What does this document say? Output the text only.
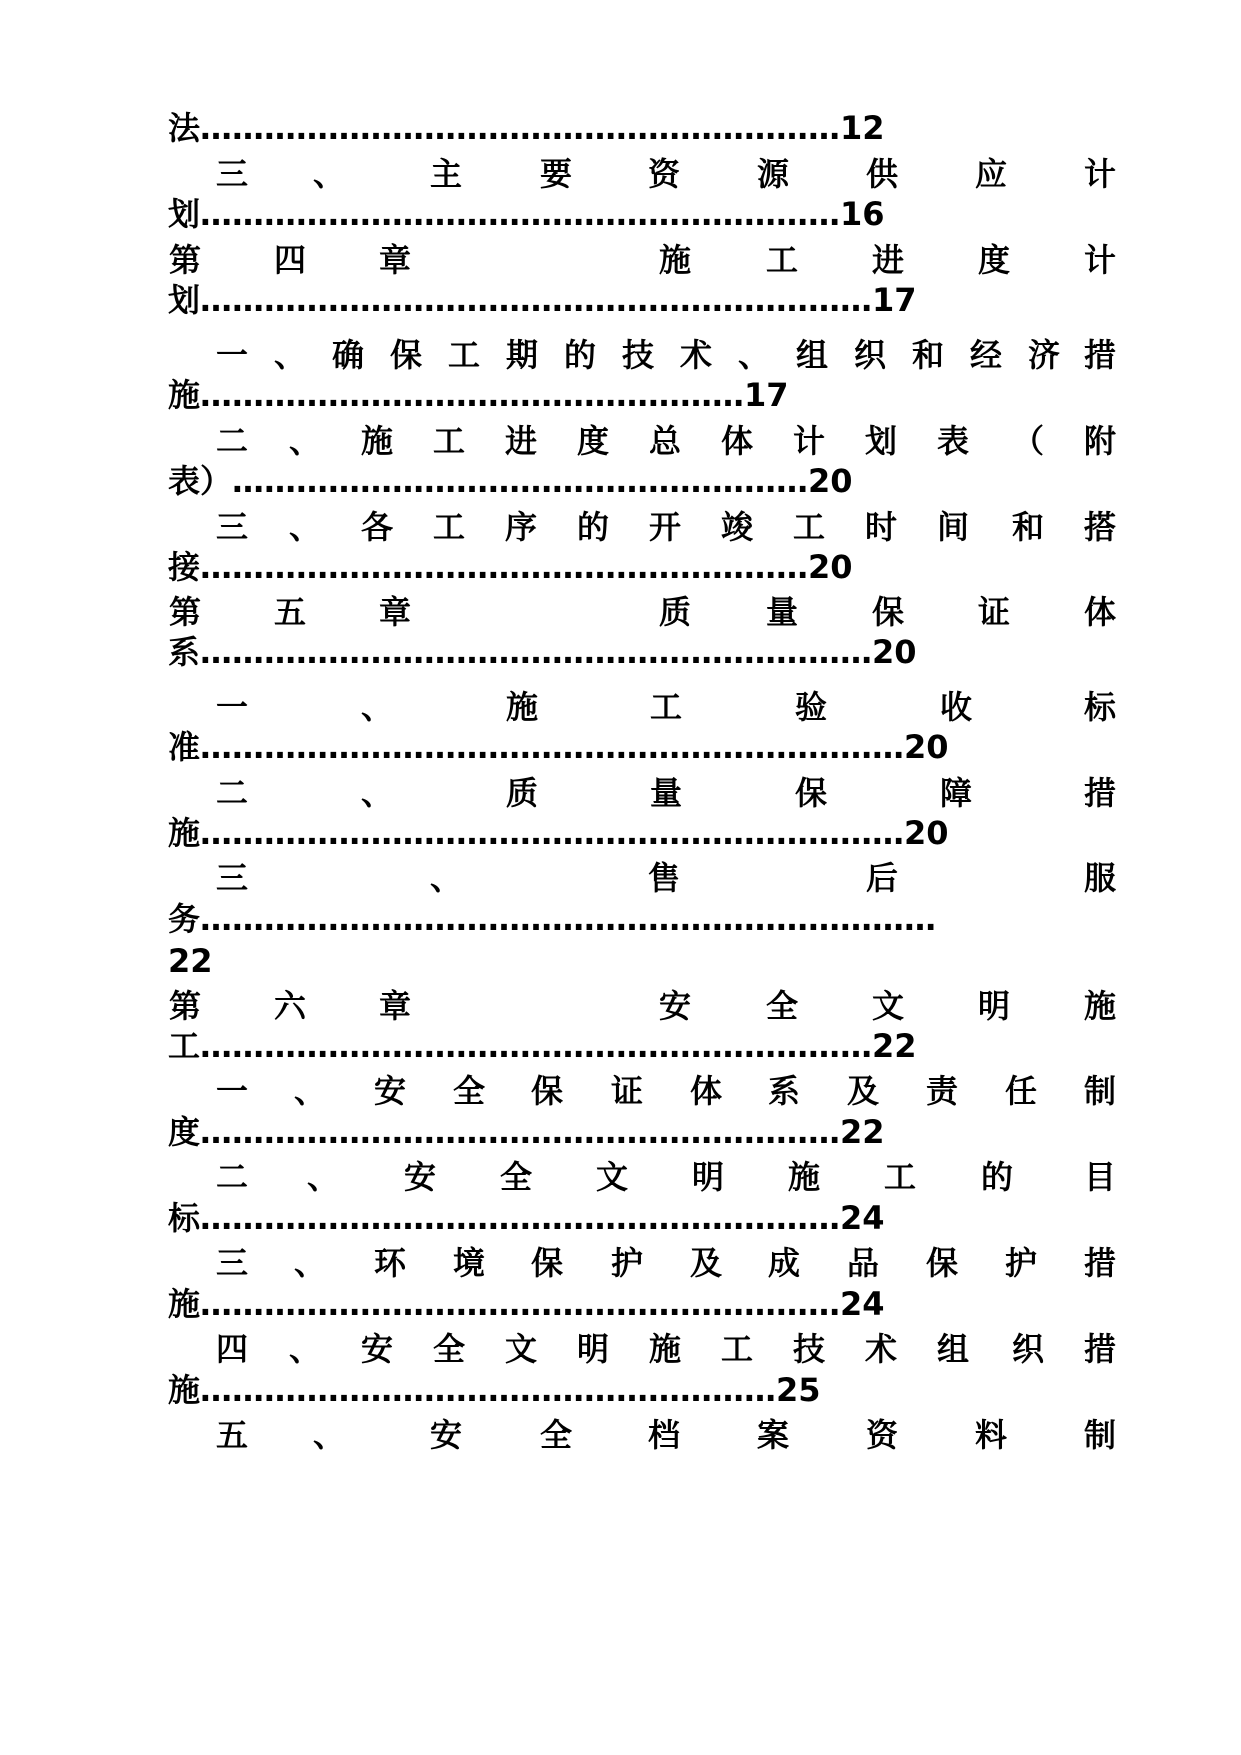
法……………………………………………………12
三 、	主 要 资 源 供 应 计
划……………………………………………………16
第 四 章	施 工 进 度 计
划………………………………………………………17
一 、 确 保 工 期 的 技 术 、 组 织 和 经 济 措
施……………………………………………17
二 、 施 工 进 度 总 体 计 划 表 （ 附
表）………………………………………………20
三 、 各 工 序 的 开 竣 工 时 间 和 搭
接…………………………………………………20
第 五 章	质 量 保 证 体
系………………………………………………………20
一	、	施	工	验	收	标
准…………………………………………………………20
二	、	质	量	保	障	措
施…………………………………………………………20
三	、	售	后	服
务……………………………………………………………
22
第 六 章	安 全 文 明 施
工………………………………………………………22
一 、 安 全 保 证 体 系 及 责 任 制
度……………………………………………………22
二 、 安 全 文 明 施 工 的 目
标……………………………………………………24
三 、 环 境 保 护 及 成 品 保 护 措
施……………………………………………………24
四 、 安 全 文 明 施 工 技 术 组 织 措
施………………………………………………25
五 、	安 全 档 案 资 料 制
